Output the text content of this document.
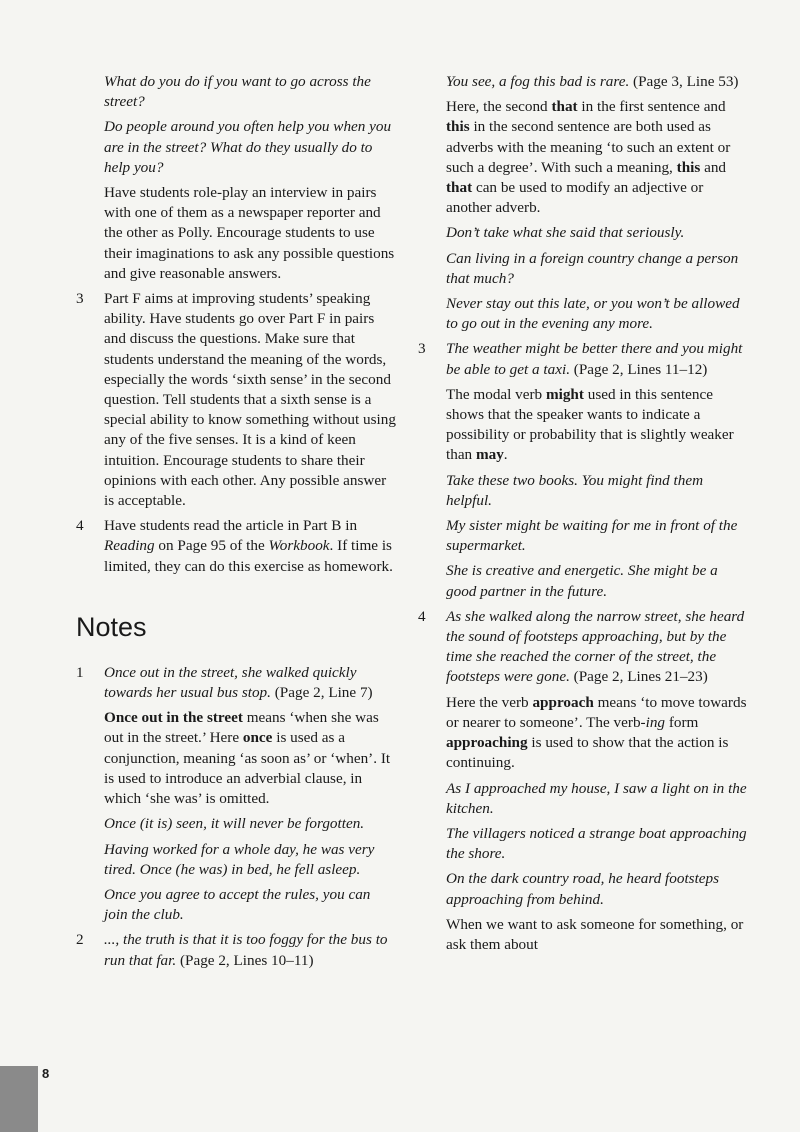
What do you do if you want to go across the street?

Do people around you often help you when you are in the street? What do they usually do to help you?

Have students role-play an interview in pairs with one of them as a newspaper reporter and the other as Polly. Encourage students to use their imaginations to ask any possible questions and give reasonable answers.

3 Part F aims at improving students’ speaking ability. Have students go over Part F in pairs and discuss the questions. Make sure that students understand the meaning of the words, especially the words ‘sixth sense’ in the second question. Tell students that a sixth sense is a special ability to know something without using any of the five senses. It is a kind of keen intuition. Encourage students to share their opinions with each other. Any possible answer is acceptable.

4 Have students read the article in Part B in Reading on Page 95 of the Workbook. If time is limited, they can do this exercise as homework.

Notes
1 Once out in the street, she walked quickly towards her usual bus stop. (Page 2, Line 7)

Once out in the street means ‘when she was out in the street.’ Here once is used as a conjunction, meaning ‘as soon as’ or ‘when’. It is used to introduce an adverbial clause, in which ‘she was’ is omitted.

Once (it is) seen, it will never be forgotten.

Having worked for a whole day, he was very tired. Once (he was) in bed, he fell asleep.

Once you agree to accept the rules, you can join the club.

2 ..., the truth is that it is too foggy for the bus to run that far. (Page 2, Lines 10–11)

You see, a fog this bad is rare. (Page 3, Line 53)

Here, the second that in the first sentence and this in the second sentence are both used as adverbs with the meaning ‘to such an extent or such a degree’. With such a meaning, this and that can be used to modify an adjective or another adverb.

Don’t take what she said that seriously.

Can living in a foreign country change a person that much?

Never stay out this late, or you won’t be allowed to go out in the evening any more.

3 The weather might be better there and you might be able to get a taxi. (Page 2, Lines 11–12)

The modal verb might used in this sentence shows that the speaker wants to indicate a possibility or probability that is slightly weaker than may.

Take these two books. You might find them helpful.

My sister might be waiting for me in front of the supermarket.

She is creative and energetic. She might be a good partner in the future.

4 As she walked along the narrow street, she heard the sound of footsteps approaching, but by the time she reached the corner of the street, the footsteps were gone. (Page 2, Lines 21–23)

Here the verb approach means ‘to move towards or nearer to someone’. The verb-ing form approaching is used to show that the action is continuing.

As I approached my house, I saw a light on in the kitchen.

The villagers noticed a strange boat approaching the shore.

On the dark country road, he heard footsteps approaching from behind.

When we want to ask someone for something, or ask them about

8
